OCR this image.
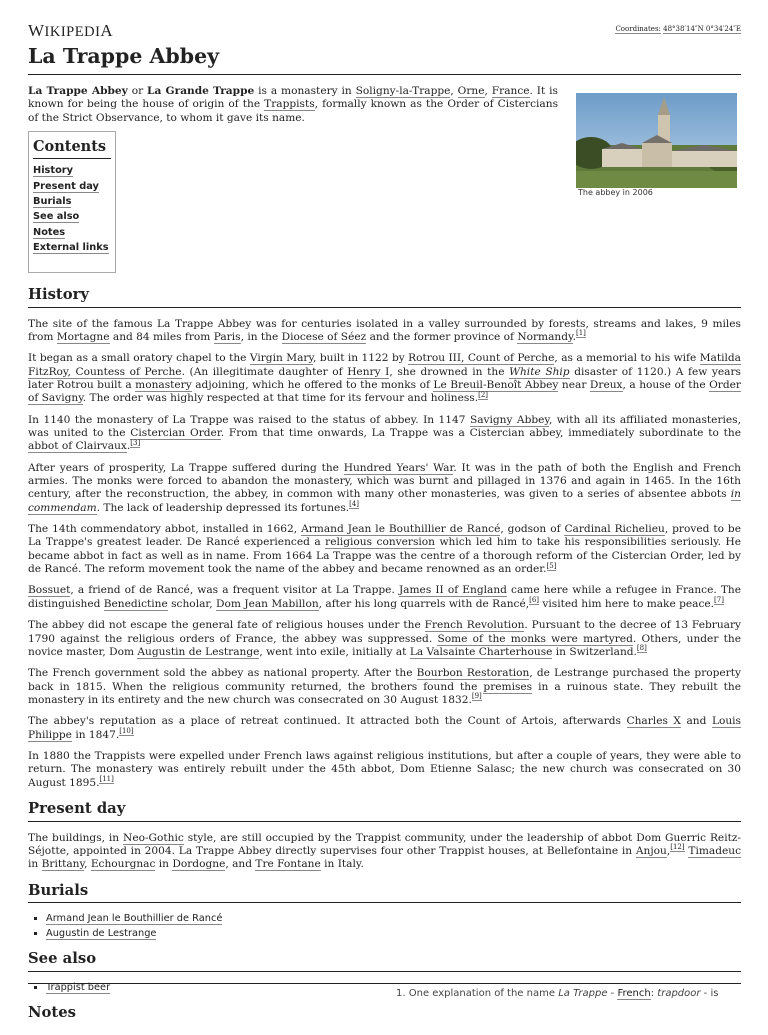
WIKIPEDIA	Coordinates: 48°38′14″N 0°34′24″E
La Trappe Abbey

La Trappe Abbey or La Grande Trappe is a monastery in Soligny-la-Trappe, Orne, France. It is known for being the house of origin of the Trappists, formally known as the Order of Cistercians of the Strict Observance, to whom it gave its name.

The abbey in 2006
Contents
History
Present day
Burials
See also
Notes
External links
History

The site of the famous La Trappe Abbey was for centuries isolated in a valley surrounded by forests, streams and lakes, 9 miles from Mortagne and 84 miles from Paris, in the Diocese of Séez and the former province of Normandy.[1]

It began as a small oratory chapel to the Virgin Mary, built in 1122 by Rotrou III, Count of Perche, as a memorial to his wife Matilda FitzRoy, Countess of Perche. (An illegitimate daughter of Henry I, she drowned in the White Ship disaster of 1120.) A few years later Rotrou built a monastery adjoining, which he offered to the monks of Le Breuil-Benoît Abbey near Dreux, a house of the Order of Savigny. The order was highly respected at that time for its fervour and holiness.[2]

In 1140 the monastery of La Trappe was raised to the status of abbey. In 1147 Savigny Abbey, with all its affiliated monasteries, was united to the Cistercian Order. From that time onwards, La Trappe was a Cistercian abbey, immediately subordinate to the abbot of Clairvaux.[3]

After years of prosperity, La Trappe suffered during the Hundred Years' War. It was in the path of both the English and French armies. The monks were forced to abandon the monastery, which was burnt and pillaged in 1376 and again in 1465. In the 16th century, after the reconstruction, the abbey, in common with many other monasteries, was given to a series of absentee abbots in commendam. The lack of leadership depressed its fortunes.[4]

The 14th commendatory abbot, installed in 1662, Armand Jean le Bouthillier de Rancé, godson of Cardinal Richelieu, proved to be La Trappe's greatest leader. De Rancé experienced a religious conversion which led him to take his responsibilities seriously. He became abbot in fact as well as in name. From 1664 La Trappe was the centre of a thorough reform of the Cistercian Order, led by de Rancé. The reform movement took the name of the abbey and became renowned as an order.[5]

Bossuet, a friend of de Rancé, was a frequent visitor at La Trappe. James II of England came here while a refugee in France. The distinguished Benedictine scholar, Dom Jean Mabillon, after his long quarrels with de Rancé,[6] visited him here to make peace.[7]

The abbey did not escape the general fate of religious houses under the French Revolution. Pursuant to the decree of 13 February 1790 against the religious orders of France, the abbey was suppressed. Some of the monks were martyred. Others, under the novice master, Dom Augustin de Lestrange, went into exile, initially at La Valsainte Charterhouse in Switzerland.[8]

The French government sold the abbey as national property. After the Bourbon Restoration, de Lestrange purchased the property back in 1815. When the religious community returned, the brothers found the premises in a ruinous state. They rebuilt the monastery in its entirety and the new church was consecrated on 30 August 1832.[9]

The abbey's reputation as a place of retreat continued. It attracted both the Count of Artois, afterwards Charles X and Louis Philippe in 1847.[10]

In 1880 the Trappists were expelled under French laws against religious institutions, but after a couple of years, they were able to return. The monastery was entirely rebuilt under the 45th abbot, Dom Etienne Salasc; the new church was consecrated on 30 August 1895.[11]

Present day

The buildings, in Neo-Gothic style, are still occupied by the Trappist community, under the leadership of abbot Dom Guerric Reitz-Séjotte, appointed in 2004. La Trappe Abbey directly supervises four other Trappist houses, at Bellefontaine in Anjou,[12] Timadeuc in Brittany, Echourgnac in Dordogne, and Tre Fontane in Italy.

Burials
▪ Armand Jean le Bouthillier de Rancé
▪ Augustin de Lestrange
See also
▪ Trappist beer
Notes
1. One explanation of the name La Trappe - French: trapdoor - is
